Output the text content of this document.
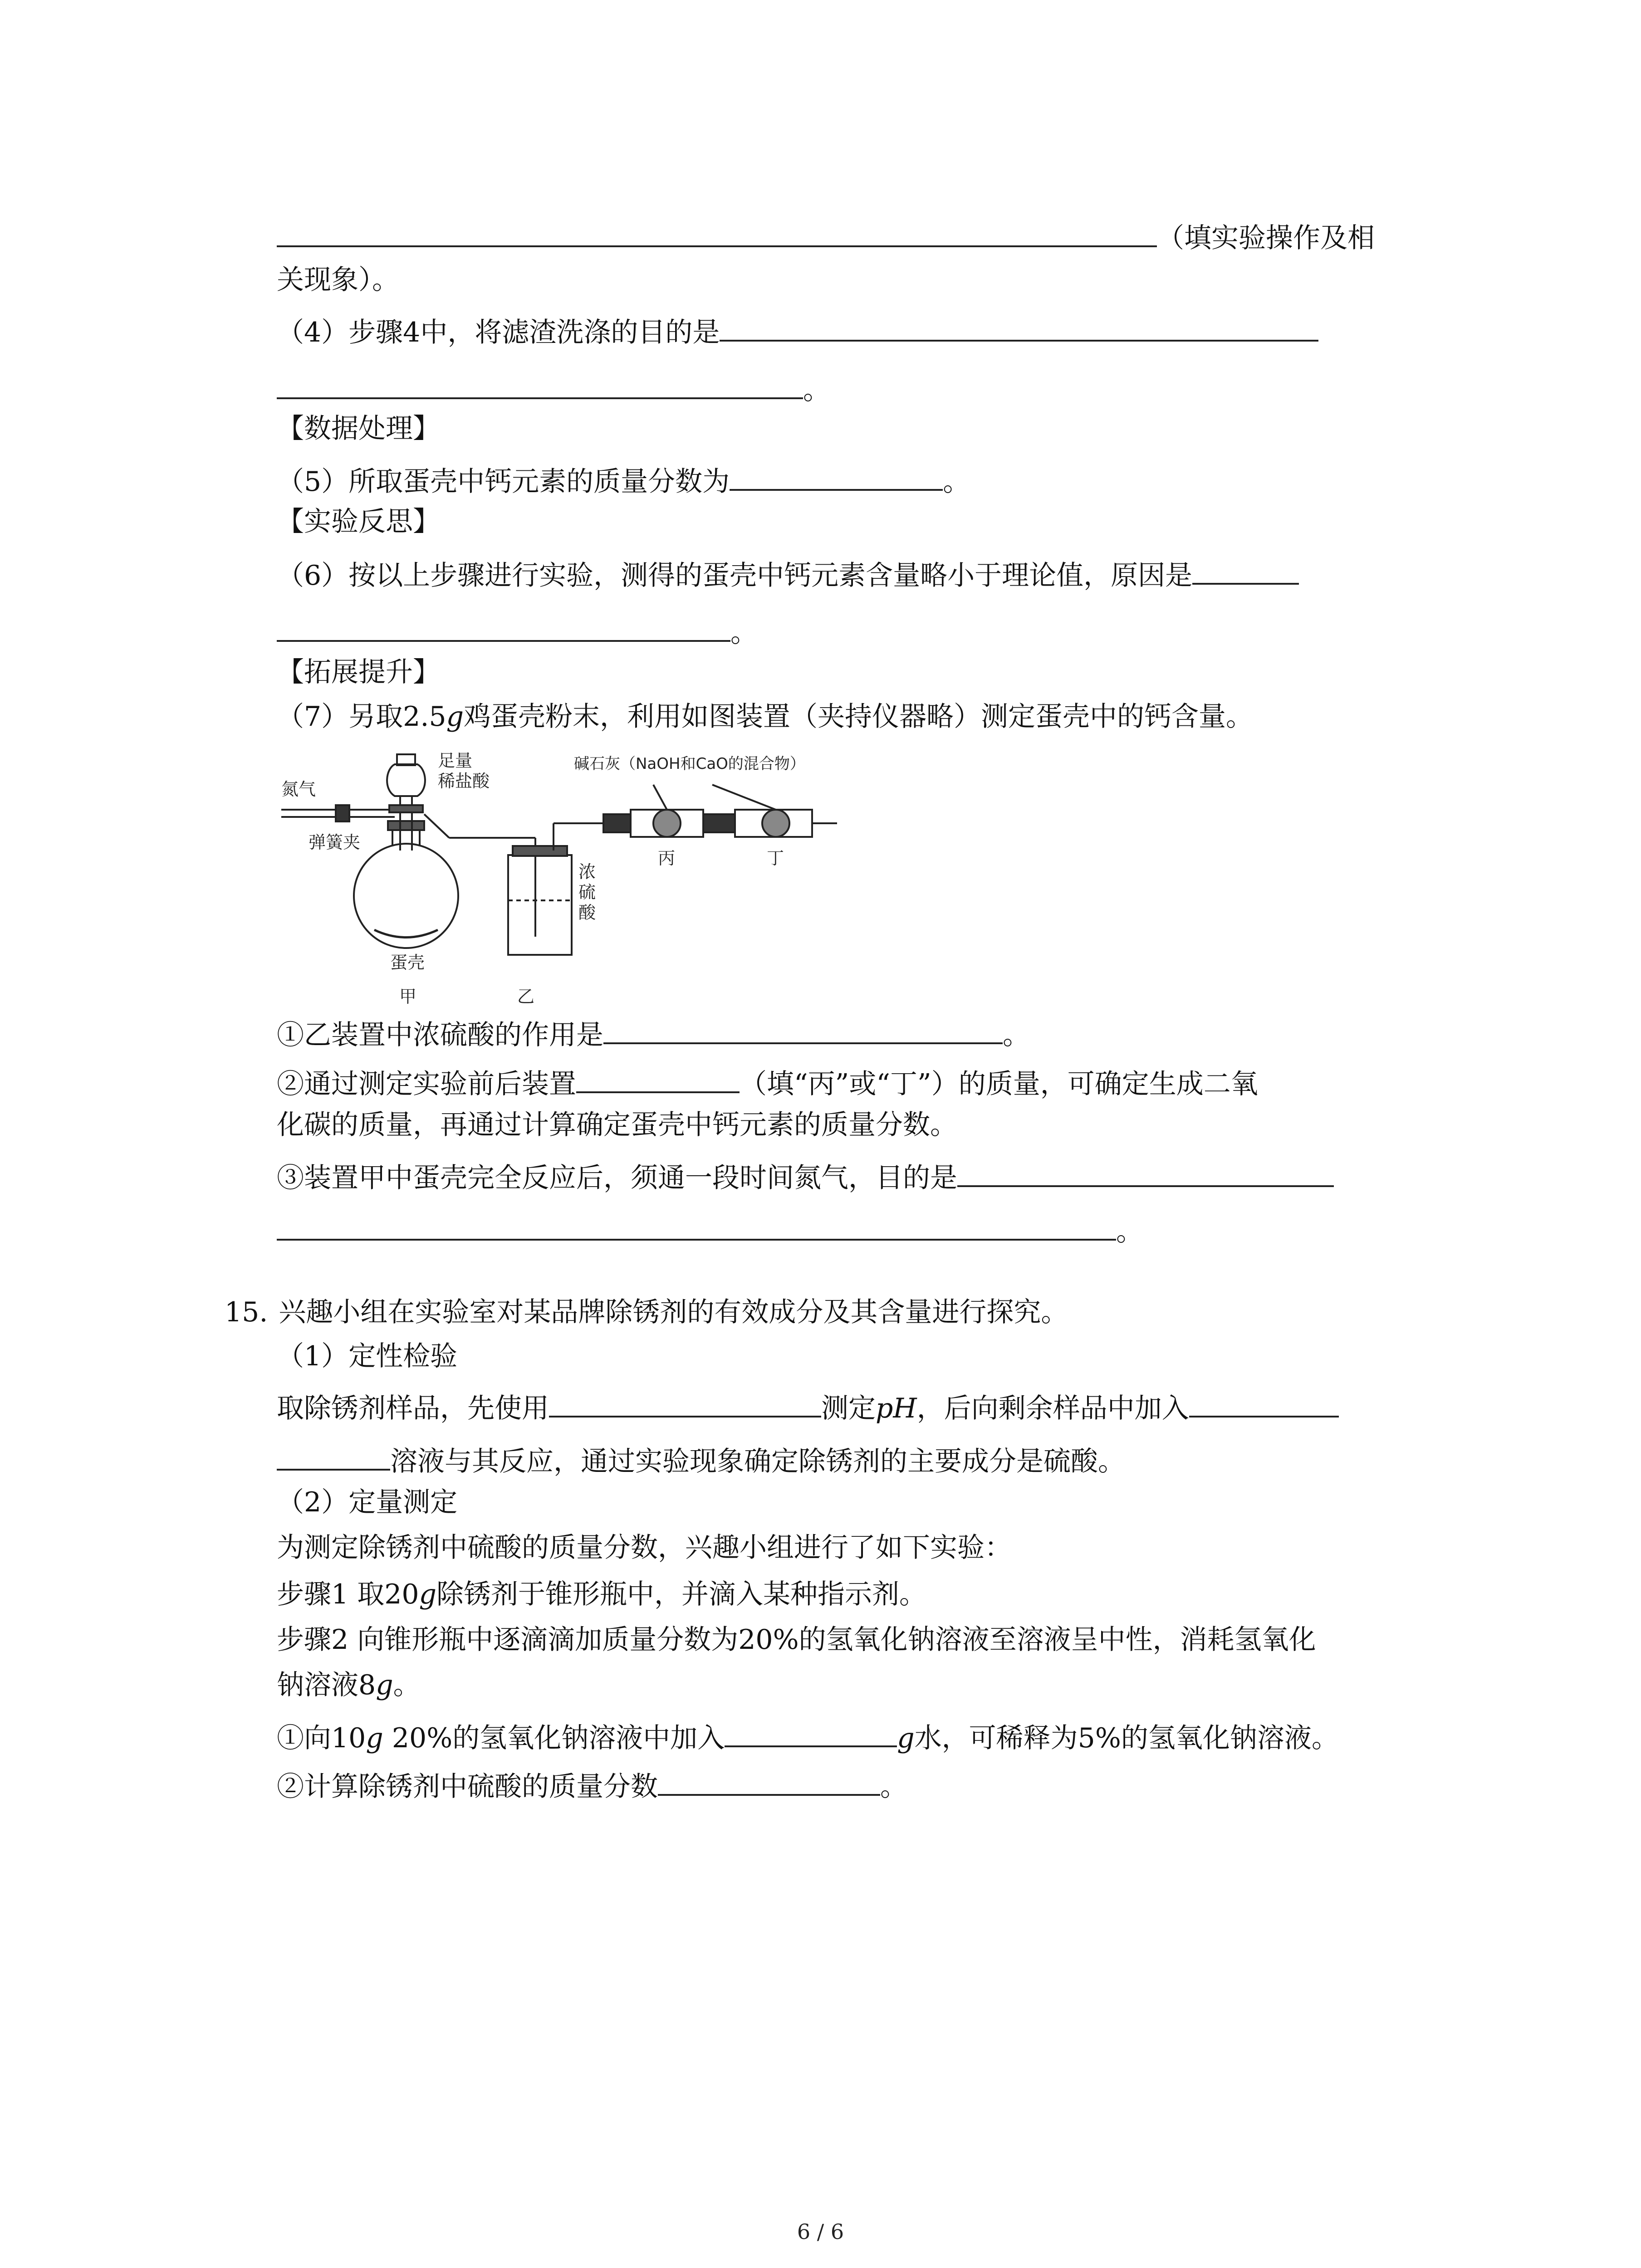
（填实验操作及相
关现象）。
（4）步骤4中，将滤渣洗涤的目的是
。
【数据处理】
（5）所取蛋壳中钙元素的质量分数为	。
【实验反思】
（6）按以上步骤进行实验，测得的蛋壳中钙元素含量略小于理论值，原因是
。
【拓展提升】
（7）另取2.5g鸡蛋壳粉末，利用如图装置（夹持仪器略）测定蛋壳中的钙含量。
氮气
弹簧夹
足量
稀盐酸
碱石灰（NaOH和CaO的混合物）
蛋壳
甲	乙
浓
硫
酸
丙	丁
①乙装置中浓硫酸的作用是	。
②通过测定实验前后装置	（填“丙”或“丁”）的质量，可确定生成二氧
化碳的质量，再通过计算确定蛋壳中钙元素的质量分数。
③装置甲中蛋壳完全反应后，须通一段时间氮气，目的是
。
15. 兴趣小组在实验室对某品牌除锈剂的有效成分及其含量进行探究。
（1）定性检验
取除锈剂样品，先使用	测定pH，后向剩余样品中加入
溶液与其反应，通过实验现象确定除锈剂的主要成分是硫酸。
（2）定量测定
为测定除锈剂中硫酸的质量分数，兴趣小组进行了如下实验：
步骤1 取20g除锈剂于锥形瓶中，并滴入某种指示剂。
步骤2 向锥形瓶中逐滴滴加质量分数为20%的氢氧化钠溶液至溶液呈中性，消耗氢氧化
钠溶液8g。
①向10g 20%的氢氧化钠溶液中加入	g水，可稀释为5%的氢氧化钠溶液。
②计算除锈剂中硫酸的质量分数	。
6 / 6
